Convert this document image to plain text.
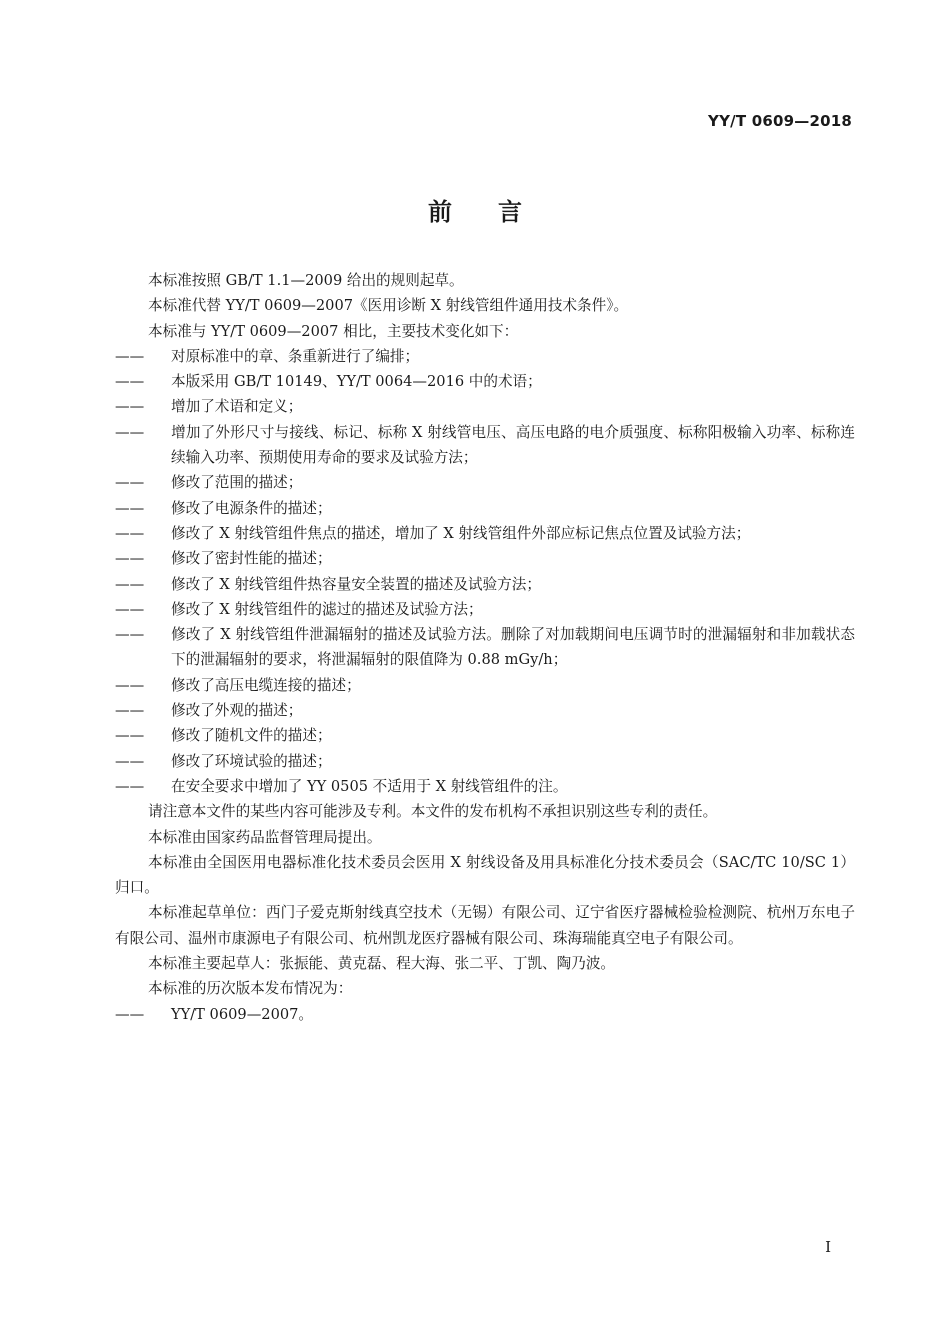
YY/T 0609—2018
前言
本标准按照 GB/T 1.1—2009 给出的规则起草。
本标准代替 YY/T 0609—2007《医用诊断 X 射线管组件通用技术条件》。
本标准与 YY/T 0609—2007 相比，主要技术变化如下：
—— 对原标准中的章、条重新进行了编排；
—— 本版采用 GB/T 10149、YY/T 0064—2016 中的术语；
—— 增加了术语和定义；
—— 增加了外形尺寸与接线、标记、标称 X 射线管电压、高压电路的电介质强度、标称阳极输入功率、标称连续输入功率、预期使用寿命的要求及试验方法；
—— 修改了范围的描述；
—— 修改了电源条件的描述；
—— 修改了 X 射线管组件焦点的描述，增加了 X 射线管组件外部应标记焦点位置及试验方法；
—— 修改了密封性能的描述；
—— 修改了 X 射线管组件热容量安全装置的描述及试验方法；
—— 修改了 X 射线管组件的滤过的描述及试验方法；
—— 修改了 X 射线管组件泄漏辐射的描述及试验方法。删除了对加载期间电压调节时的泄漏辐射和非加载状态下的泄漏辐射的要求，将泄漏辐射的限值降为 0.88 mGy/h；
—— 修改了高压电缆连接的描述；
—— 修改了外观的描述；
—— 修改了随机文件的描述；
—— 修改了环境试验的描述；
—— 在安全要求中增加了 YY 0505 不适用于 X 射线管组件的注。
请注意本文件的某些内容可能涉及专利。本文件的发布机构不承担识别这些专利的责任。
本标准由国家药品监督管理局提出。
本标准由全国医用电器标准化技术委员会医用 X 射线设备及用具标准化分技术委员会（SAC/TC 10/SC 1）归口。
本标准起草单位：西门子爱克斯射线真空技术（无锡）有限公司、辽宁省医疗器械检验检测院、杭州万东电子有限公司、温州市康源电子有限公司、杭州凯龙医疗器械有限公司、珠海瑞能真空电子有限公司。
本标准主要起草人：张振能、黄克磊、程大海、张二平、丁凯、陶乃波。
本标准的历次版本发布情况为：
—— YY/T 0609—2007。
I
